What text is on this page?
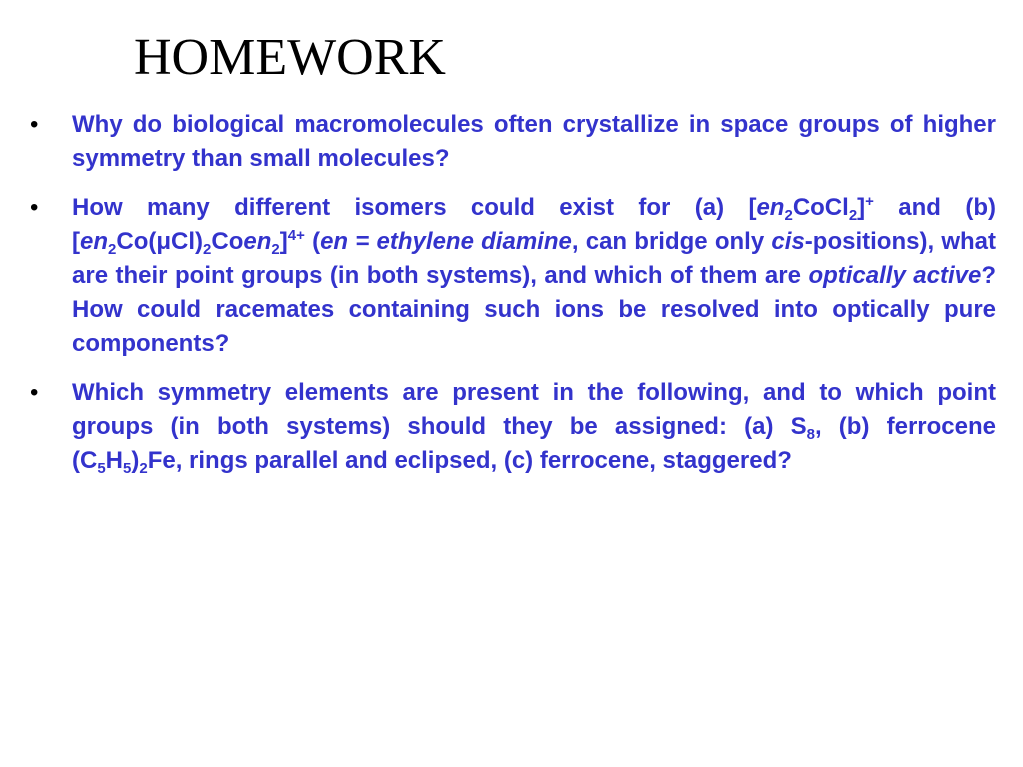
HOMEWORK
• Why do biological macromolecules often crystallize in space groups of higher symmetry than small molecules?
• How many different isomers could exist for (a) $[en_2CoCl_2]^+$ and (b) $[en_2Co(\mu Cl)_2Coen_2]^{4+}$ (en = ethylene diamine, can bridge only cis-positions), what are their point groups (in both systems), and which of them are optically active? How could racemates containing such ions be resolved into optically pure components?
• Which symmetry elements are present in the following, and to which point groups (in both systems) should they be assigned: (a) $S_8$, (b) ferrocene $(C_5H_5)_2Fe$, rings parallel and eclipsed, (c) ferrocene, staggered?
